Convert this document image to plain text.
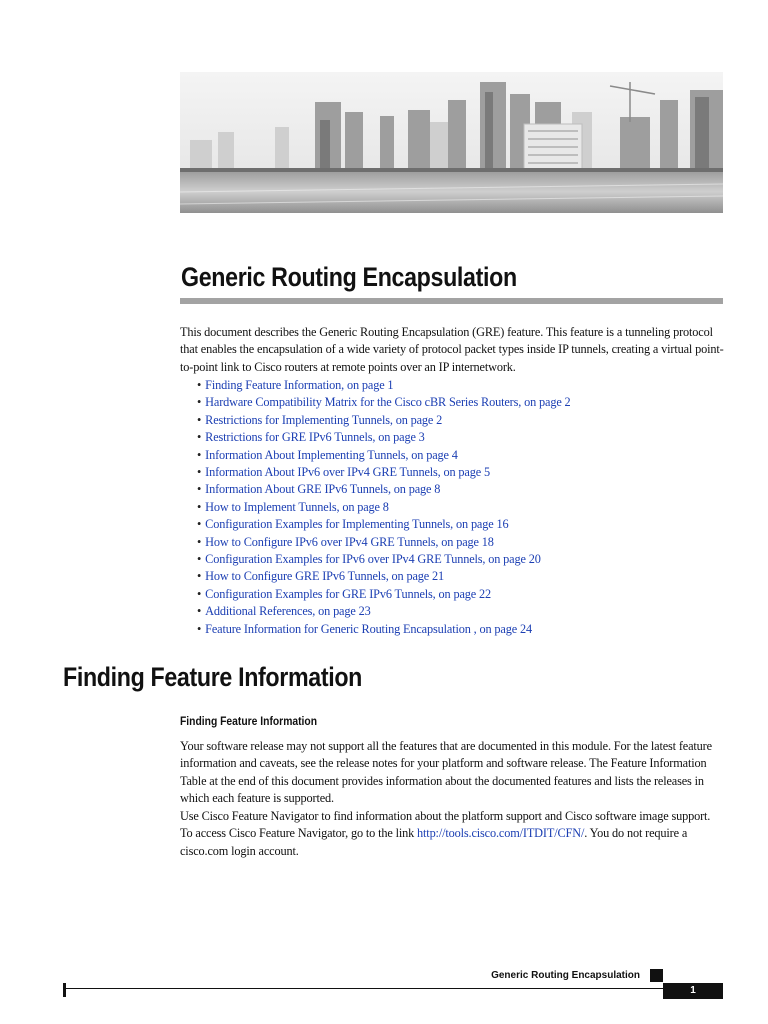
Generic Routing Encapsulation

This document describes the Generic Routing Encapsulation (GRE) feature. This feature is a tunneling protocol that enables the encapsulation of a wide variety of protocol packet types inside IP tunnels, creating a virtual point-to-point link to Cisco routers at remote points over an IP internetwork.

• Finding Feature Information, on page 1
• Hardware Compatibility Matrix for the Cisco cBR Series Routers, on page 2
• Restrictions for Implementing Tunnels, on page 2
• Restrictions for GRE IPv6 Tunnels, on page 3
• Information About Implementing Tunnels, on page 4
• Information About IPv6 over IPv4 GRE Tunnels, on page 5
• Information About GRE IPv6 Tunnels, on page 8
• How to Implement Tunnels, on page 8
• Configuration Examples for Implementing Tunnels, on page 16
• How to Configure IPv6 over IPv4 GRE Tunnels, on page 18
• Configuration Examples for IPv6 over IPv4 GRE Tunnels, on page 20
• How to Configure GRE IPv6 Tunnels, on page 21
• Configuration Examples for GRE IPv6 Tunnels, on page 22
• Additional References, on page 23
• Feature Information for Generic Routing Encapsulation , on page 24
Finding Feature Information
Finding Feature Information

Your software release may not support all the features that are documented in this module. For the latest feature information and caveats, see the release notes for your platform and software release. The Feature Information Table at the end of this document provides information about the documented features and lists the releases in which each feature is supported.

Use Cisco Feature Navigator to find information about the platform support and Cisco software image support. To access Cisco Feature Navigator, go to the link http://tools.cisco.com/ITDIT/CFN/. You do not require a cisco.com login account.

Generic Routing Encapsulation
1
